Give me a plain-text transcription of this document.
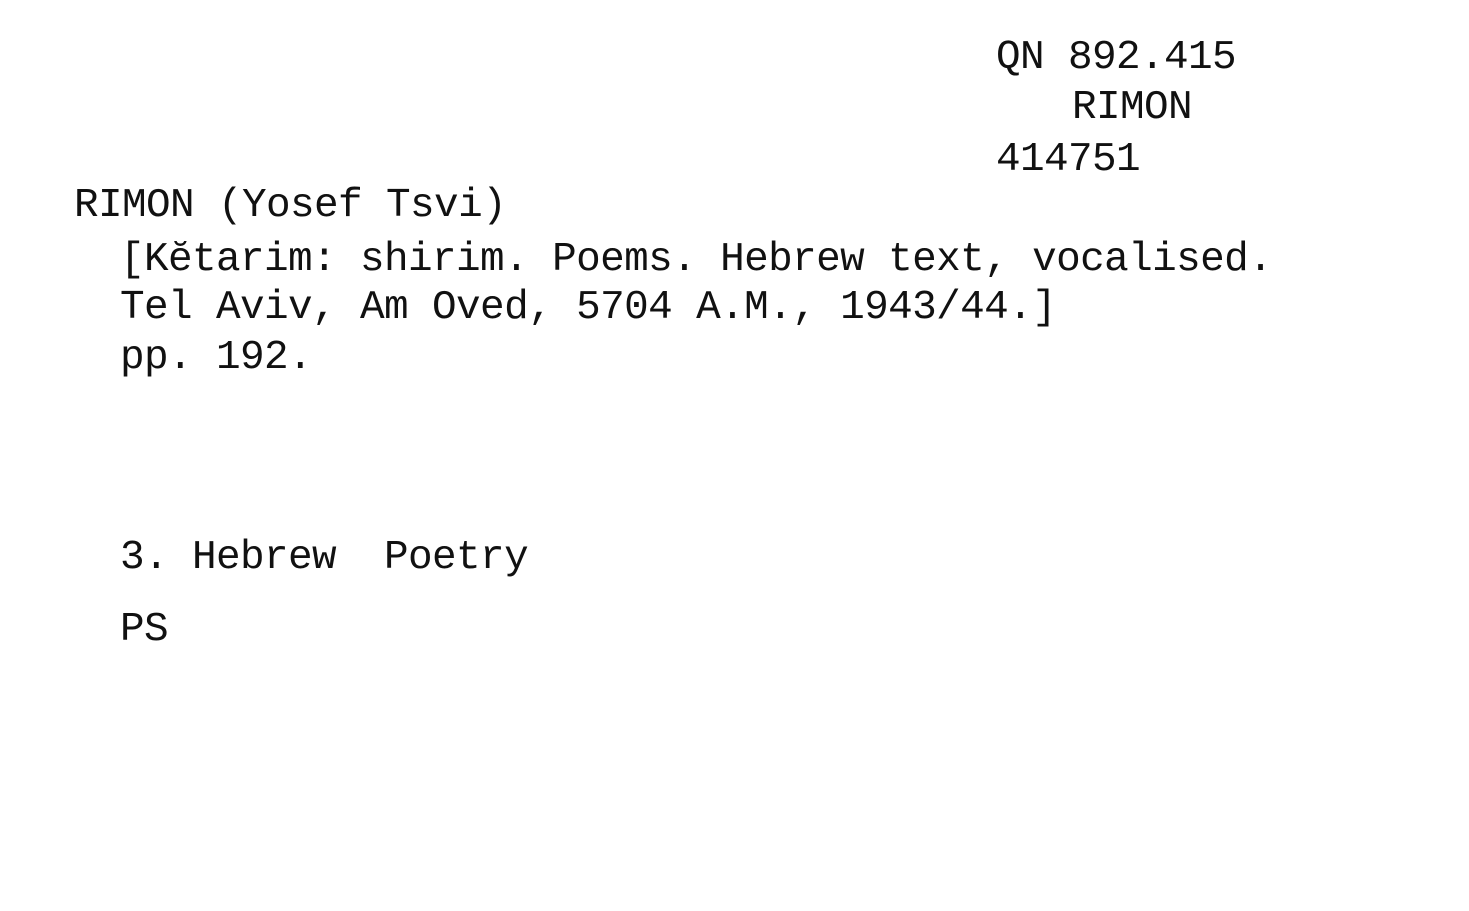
QN 892.415
RIMON
414751
RIMON (Yosef Tsvi)
[Kĕtarim: shirim. Poems. Hebrew text, vocalised.
Tel Aviv, Am Oved, 5704 A.M., 1943/44.]
pp. 192.
3. Hebrew  Poetry
PS
